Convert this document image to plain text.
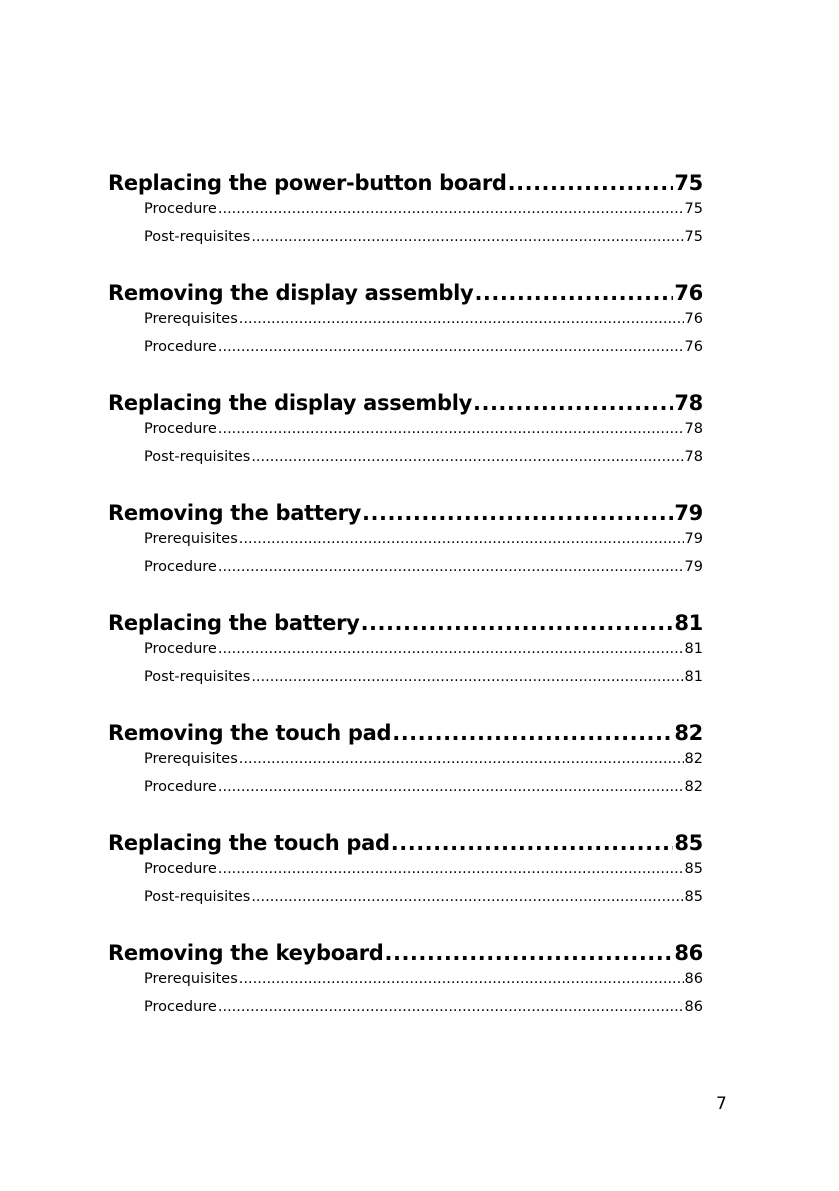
Replacing the power-button board .....	75
Procedure .....	75
Post-requisites .....	75
Removing the display assembly .....	76
Prerequisites .....	76
Procedure .....	76
Replacing the display assembly .....	78
Procedure .....	78
Post-requisites .....	78
Removing the battery .....	79
Prerequisites .....	79
Procedure .....	79
Replacing the battery .....	81
Procedure .....	81
Post-requisites .....	81
Removing the touch pad .....	82
Prerequisites .....	82
Procedure .....	82
Replacing the touch pad .....	85
Procedure .....	85
Post-requisites .....	85
Removing the keyboard .....	86
Prerequisites .....	86
Procedure .....	86
7
